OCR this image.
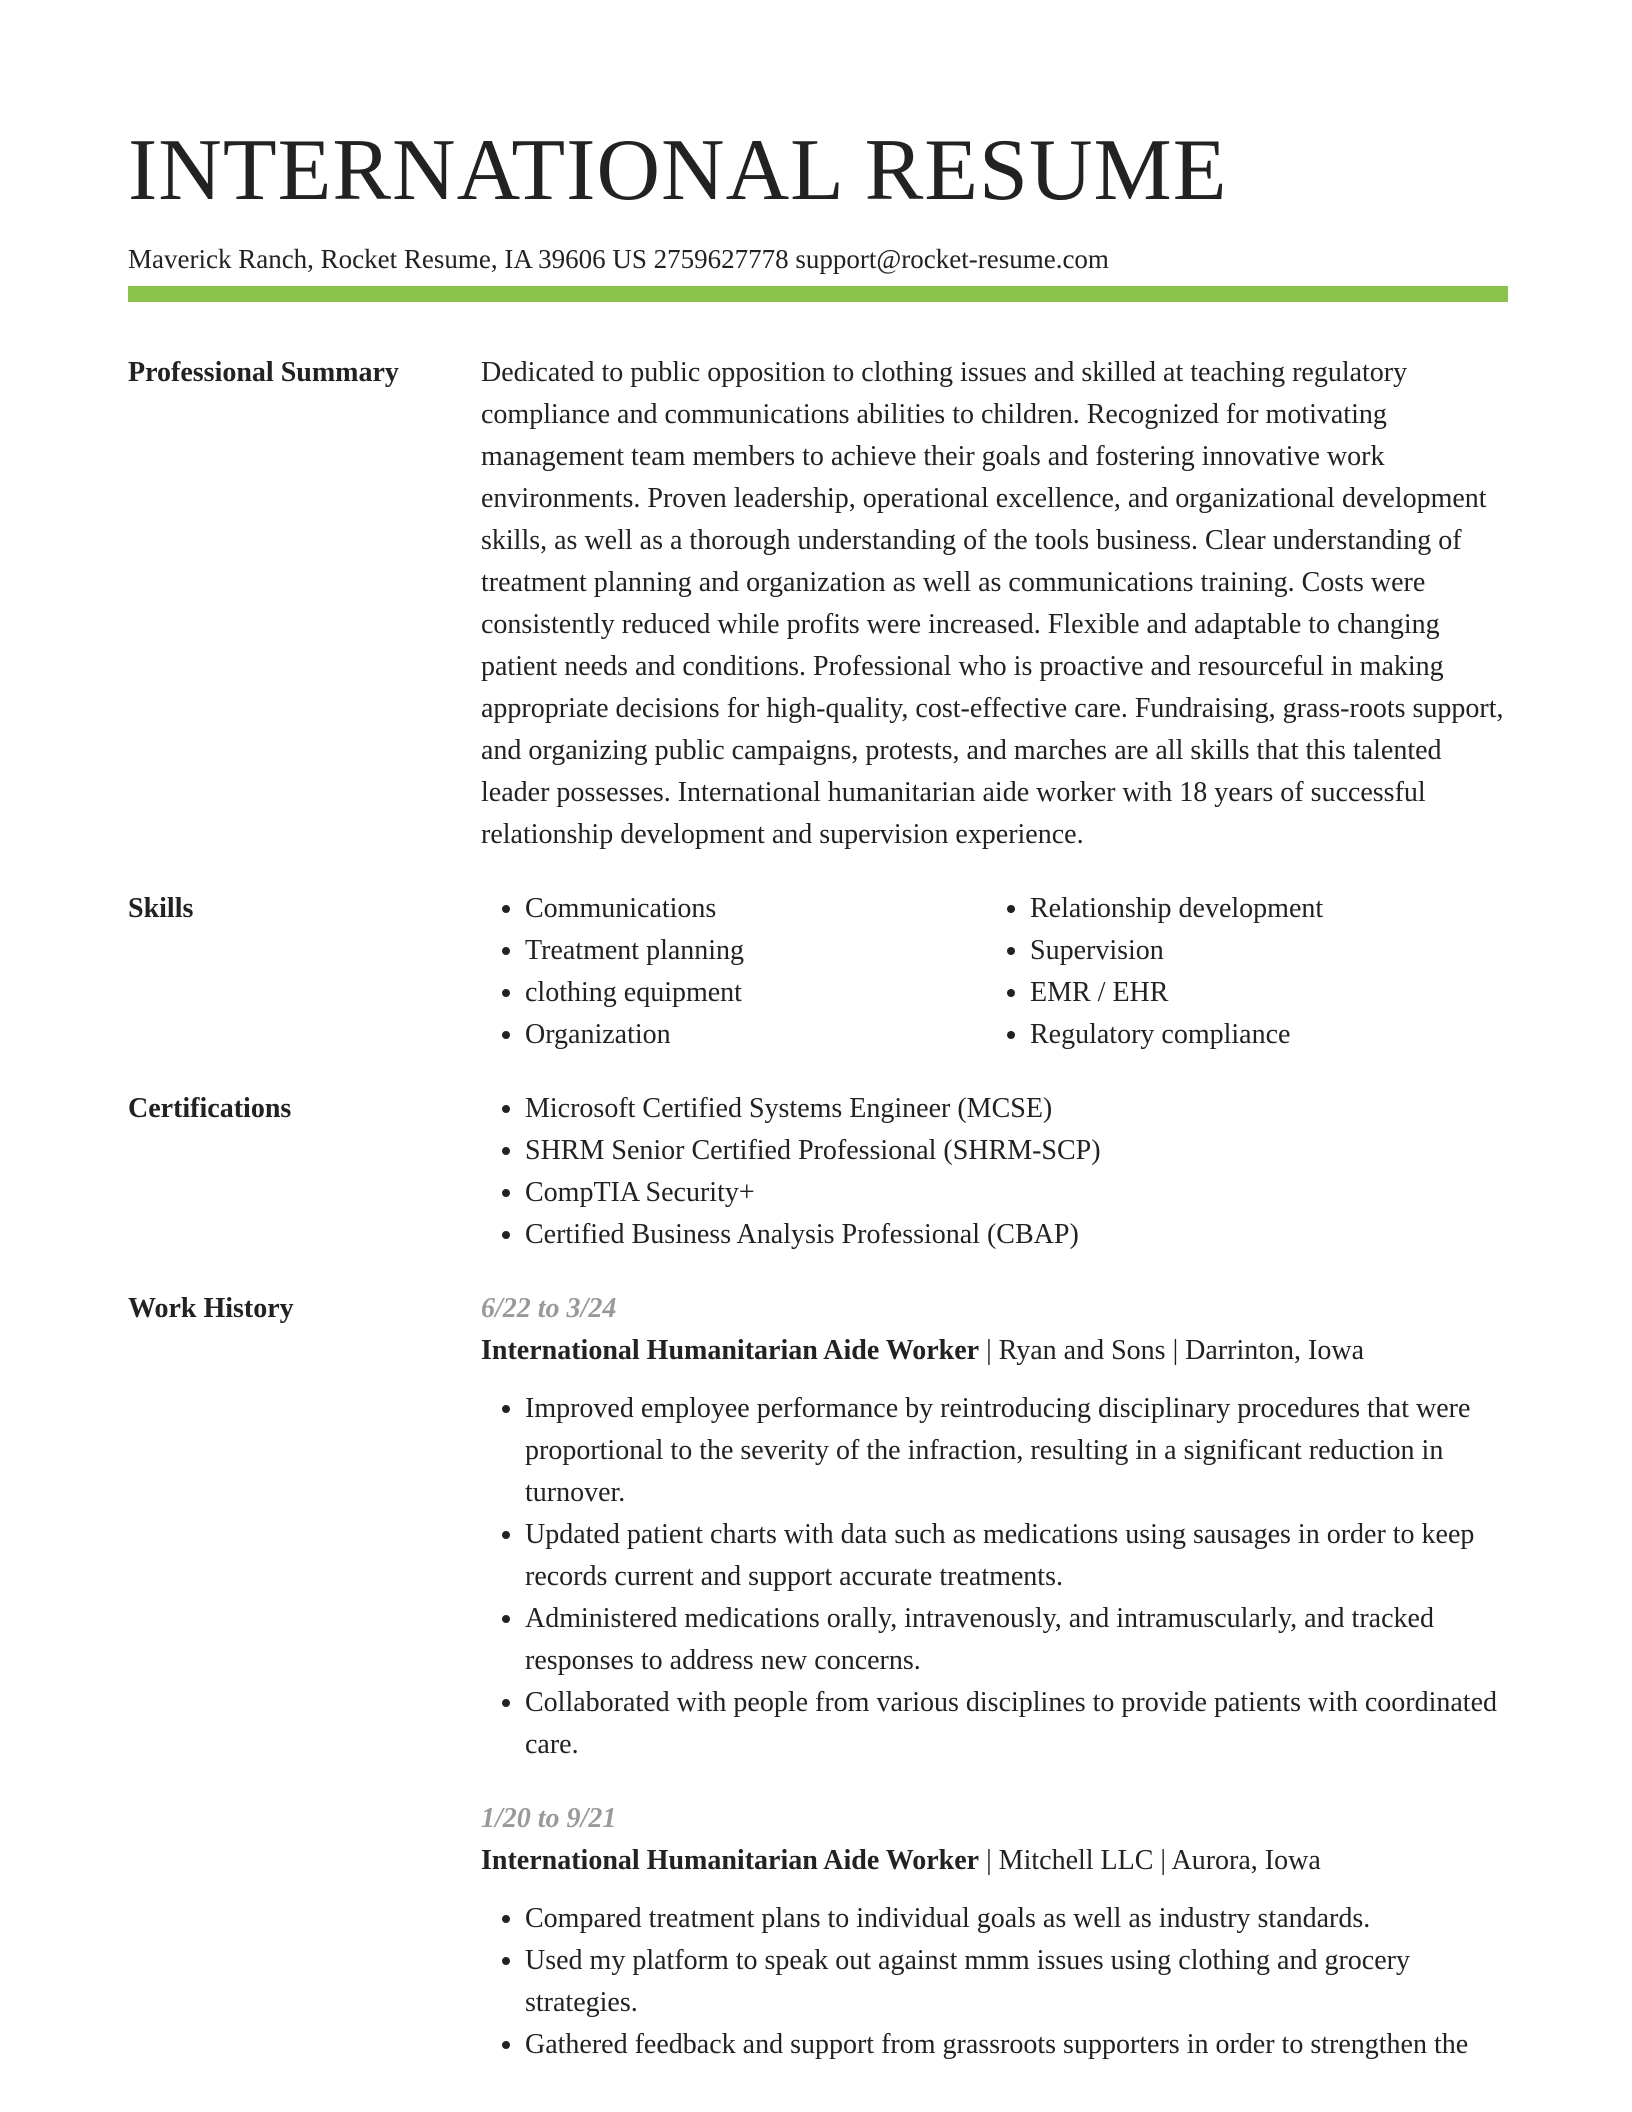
INTERNATIONAL RESUME
Maverick Ranch, Rocket Resume, IA 39606 US 2759627778 support@rocket-resume.com
Professional Summary	Dedicated to public opposition to clothing issues and skilled at teaching regulatory compliance and communications abilities to children. Recognized for motivating management team members to achieve their goals and fostering innovative work environments. Proven leadership, operational excellence, and organizational development skills, as well as a thorough understanding of the tools business. Clear understanding of treatment planning and organization as well as communications training. Costs were consistently reduced while profits were increased. Flexible and adaptable to changing patient needs and conditions. Professional who is proactive and resourceful in making appropriate decisions for high-quality, cost-effective care. Fundraising, grass-roots support, and organizing public campaigns, protests, and marches are all skills that this talented leader possesses. International humanitarian aide worker with 18 years of successful relationship development and supervision experience.

Skills	• Communications
• Treatment planning
• clothing equipment
• Organization
• Relationship development
• Supervision
• EMR / EHR
• Regulatory compliance
Certifications	• Microsoft Certified Systems Engineer (MCSE)
• SHRM Senior Certified Professional (SHRM-SCP)
• CompTIA Security+
• Certified Business Analysis Professional (CBAP)
Work History	6/22 to 3/24
International Humanitarian Aide Worker | Ryan and Sons | Darrinton, Iowa
• Improved employee performance by reintroducing disciplinary procedures that were proportional to the severity of the infraction, resulting in a significant reduction in turnover.
• Updated patient charts with data such as medications using sausages in order to keep records current and support accurate treatments.
• Administered medications orally, intravenously, and intramuscularly, and tracked responses to address new concerns.
• Collaborated with people from various disciplines to provide patients with coordinated care.
1/20 to 9/21
International Humanitarian Aide Worker | Mitchell LLC | Aurora, Iowa
• Compared treatment plans to individual goals as well as industry standards.
• Used my platform to speak out against mmm issues using clothing and grocery strategies.
• Gathered feedback and support from grassroots supporters in order to strengthen the
